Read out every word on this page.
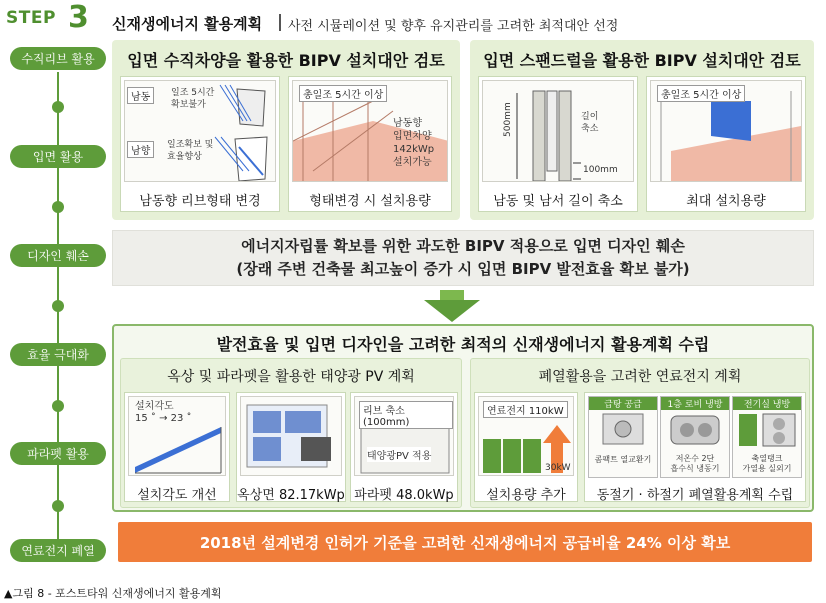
STEP 3 신재생에너지 활용계획 사전 시뮬레이션 및 향후 유지관리를 고려한 최적대안 선정
수직리브 활용
입면 활용
디자인 훼손
효율 극대화
파라펫 활용
연료전지 폐열
입면 수직차양을 활용한 BIPV 설치대안 검토
남동	일조 5시간
확보불가
남향
일조확보 및
효율향상
남동향 리브형태 변경
총일조 5시간 이상
남동향
입면차양
142kWp
설치가능
형태변경 시 설치용량
입면 스팬드럴을 활용한 BIPV 설치대안 검토
500mm	길이
축소
100mm
남동 및 남서 길이 축소
총일조 5시간 이상
최대 설치용량
에너지자립률 확보를 위한 과도한 BIPV 적용으로 입면 디자인 훼손
(장래 주변 건축물 최고높이 증가 시 입면 BIPV 발전효율 확보 불가)
발전효율 및 입면 디자인을 고려한 최적의 신재생에너지 활용계획 수립
옥상 및 파라펫을 활용한 태양광 PV 계획
설치각도
15 ˚ → 23 ˚
설치각도 개선	옥상면 82.17kWp
리브 축소(100mm)
태양광PV 적용
파라펫 48.0kWp
폐열활용을 고려한 연료전지 계획
연료전지 110kW
30kW
설치용량 추가
급탕 공급
콤팩트 열교환기
1층 로비 냉방
저온수 2단
흡수식 냉동기
전기실 냉방
축열탱크
가열용 실외기
동절기 · 하절기 폐열활용계획 수립
2018년 설계변경 인허가 기준을 고려한 신재생에너지 공급비율 24% 이상 확보
▲그림 8 - 포스트타워 신재생에너지 활용계획
